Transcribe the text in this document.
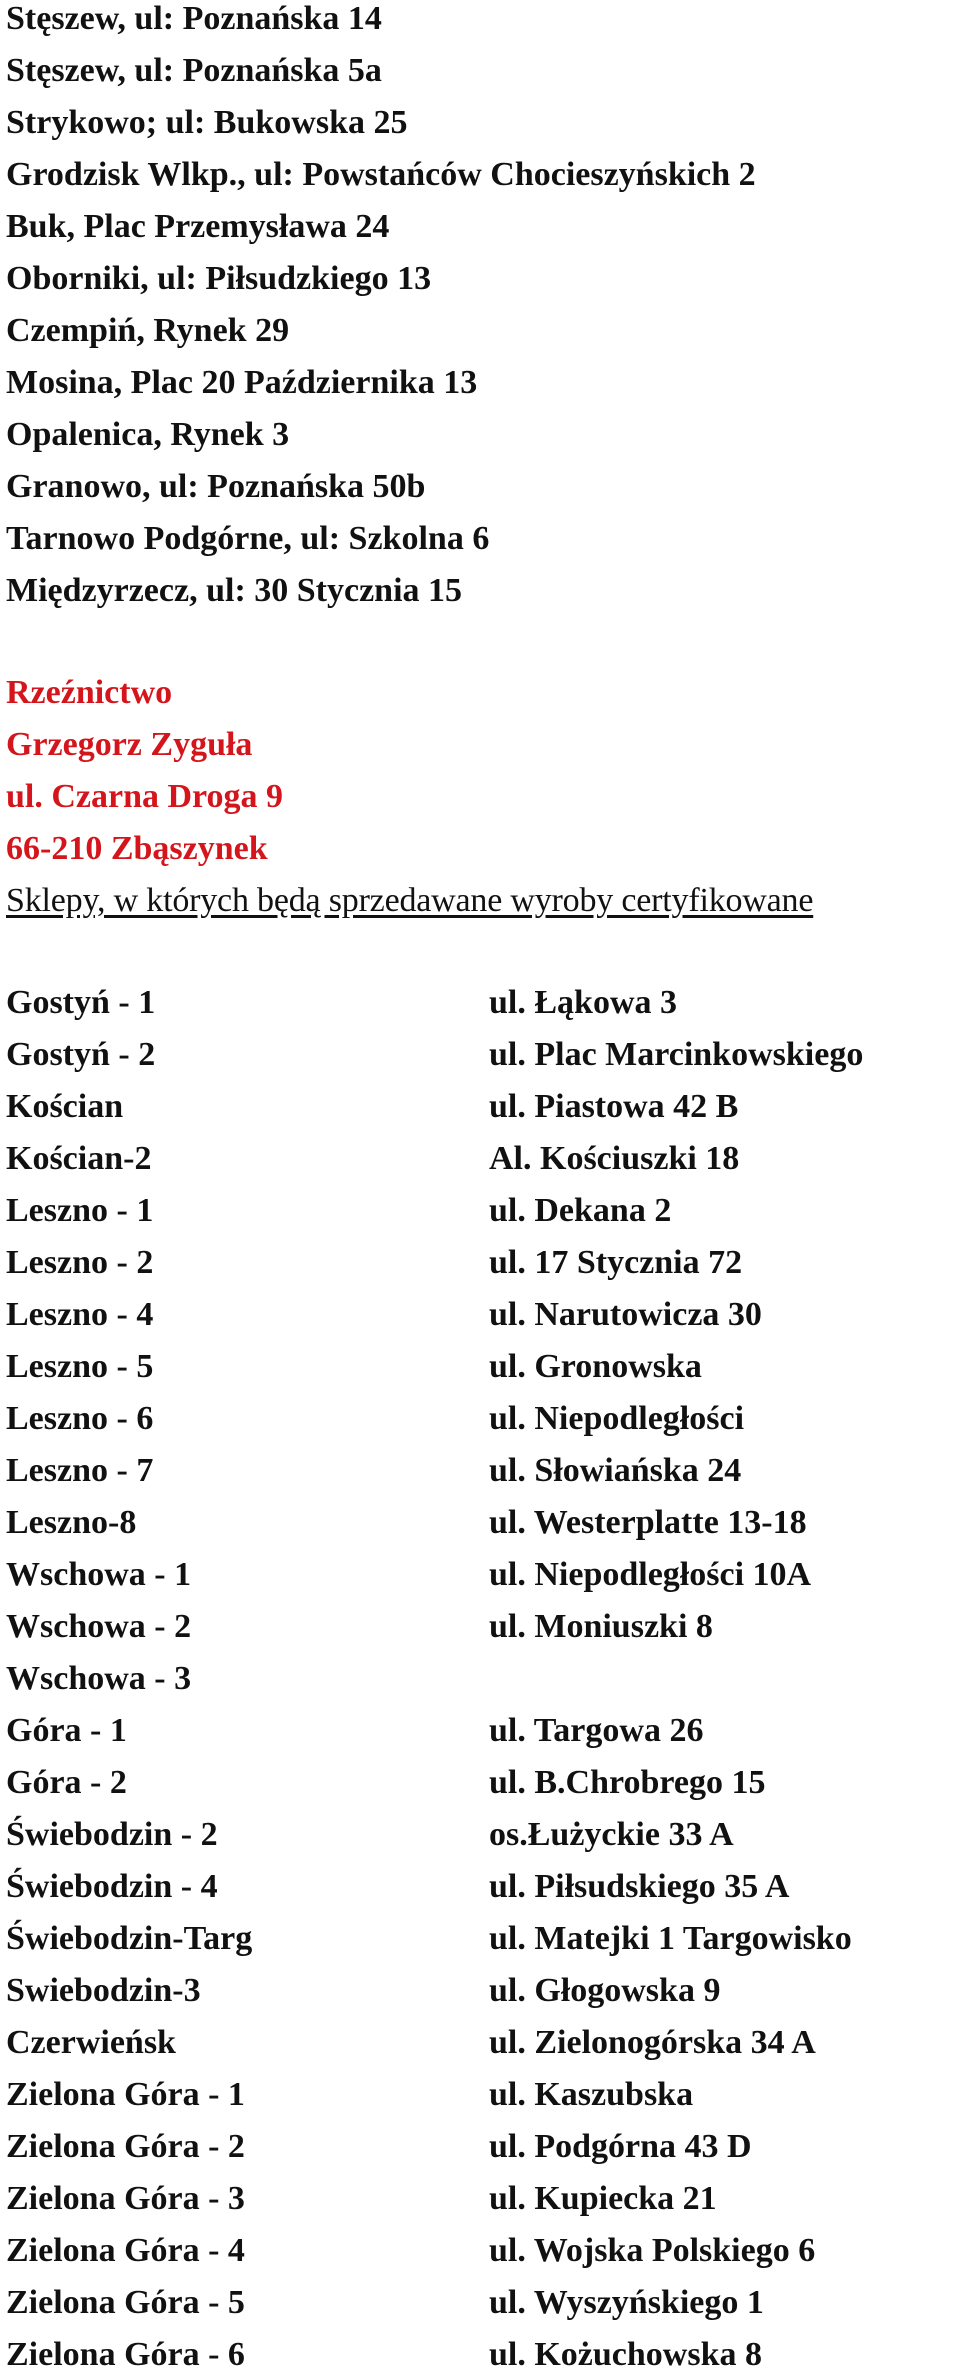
Stęszew, ul: Poznańska 14
Stęszew, ul: Poznańska 5a
Strykowo; ul: Bukowska 25
Grodzisk Wlkp., ul: Powstańców Chocieszyńskich 2
Buk, Plac Przemysława 24
Oborniki, ul: Piłsudzkiego 13
Czempiń, Rynek 29
Mosina, Plac 20 Października 13
Opalenica, Rynek 3
Granowo, ul: Poznańska 50b
Tarnowo Podgórne, ul: Szkolna 6
Międzyrzecz, ul: 30 Stycznia 15
Rzeźnictwo
Grzegorz Zyguła
ul. Czarna Droga 9
66-210 Zbąszynek
Sklepy, w których będą sprzedawane wyroby certyfikowane
Gostyń - 1	ul. Łąkowa 3
Gostyń - 2	ul. Plac Marcinkowskiego
Kościan	ul. Piastowa 42 B
Kościan-2	Al. Kościuszki 18
Leszno - 1	ul. Dekana 2
Leszno - 2	ul. 17 Stycznia 72
Leszno - 4	ul. Narutowicza 30
Leszno - 5	ul. Gronowska
Leszno - 6	ul. Niepodległości
Leszno - 7	ul. Słowiańska 24
Leszno-8	ul. Westerplatte 13-18
Wschowa - 1	ul. Niepodległości 10A
Wschowa - 2	ul. Moniuszki 8
Wschowa - 3
Góra - 1	ul. Targowa 26
Góra - 2	ul. B.Chrobrego 15
Świebodzin - 2	os.Łużyckie 33 A
Świebodzin - 4	ul. Piłsudskiego 35 A
Świebodzin-Targ	ul. Matejki 1 Targowisko
Swiebodzin-3	ul. Głogowska 9
Czerwieńsk	ul. Zielonogórska 34 A
Zielona Góra - 1	ul. Kaszubska
Zielona Góra - 2	ul. Podgórna 43 D
Zielona Góra - 3	ul. Kupiecka 21
Zielona Góra - 4	ul. Wojska Polskiego 6
Zielona Góra - 5	ul. Wyszyńskiego 1
Zielona Góra - 6	ul. Kożuchowska 8
